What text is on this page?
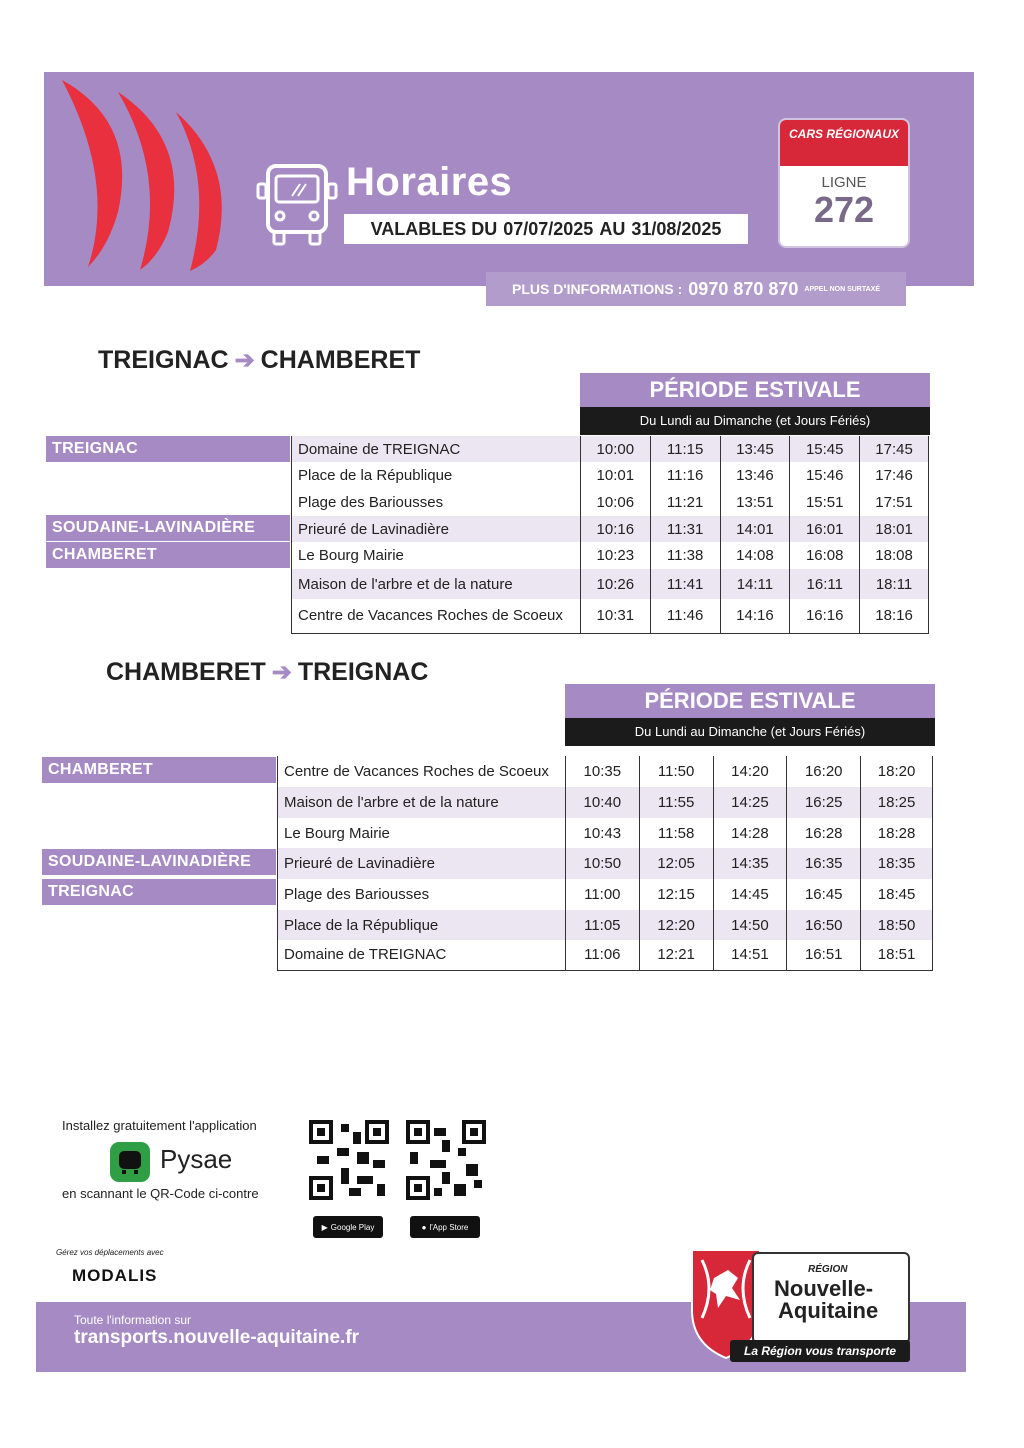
Horaires
VALABLES DU 07/07/2025 AU 31/08/2025
CARS RÉGIONAUX
LIGNE
272
PLUS D'INFORMATIONS : 0970 870 870 APPEL NON SURTAXÉ
TREIGNAC ➔ CHAMBERET
PÉRIODE ESTIVALE
Du Lundi au Dimanche (et Jours Fériés)
TREIGNAC
SOUDAINE-LAVINADIÈRE
CHAMBERET
Domaine de TREIGNAC	10:00	11:15	13:45	15:45	17:45
Place de la République	10:01	11:16	13:46	15:46	17:46
Plage des Bariousses	10:06	11:21	13:51	15:51	17:51
Prieuré de Lavinadière	10:16	11:31	14:01	16:01	18:01
Le Bourg Mairie	10:23	11:38	14:08	16:08	18:08
Maison de l'arbre et de la nature	10:26	11:41	14:11	16:11	18:11
Centre de Vacances Roches de Scoeux	10:31	11:46	14:16	16:16	18:16
CHAMBERET ➔ TREIGNAC
PÉRIODE ESTIVALE
Du Lundi au Dimanche (et Jours Fériés)
CHAMBERET
SOUDAINE-LAVINADIÈRE
TREIGNAC
Centre de Vacances Roches de Scoeux	10:35	11:50	14:20	16:20	18:20
Maison de l'arbre et de la nature	10:40	11:55	14:25	16:25	18:25
Le Bourg Mairie	10:43	11:58	14:28	16:28	18:28
Prieuré de Lavinadière	10:50	12:05	14:35	16:35	18:35
Plage des Bariousses	11:00	12:15	14:45	16:45	18:45
Place de la République	11:05	12:20	14:50	16:50	18:50
Domaine de TREIGNAC	11:06	12:21	14:51	16:51	18:51
Installez gratuitement l'application
Pysae
en scannant le QR-Code ci-contre
▶ Google Play	● l'App Store
Gérez vos déplacements avec
MODALIS
Toute l'information sur
transports.nouvelle-aquitaine.fr
RÉGION
Nouvelle-
Aquitaine
La Région vous transporte
